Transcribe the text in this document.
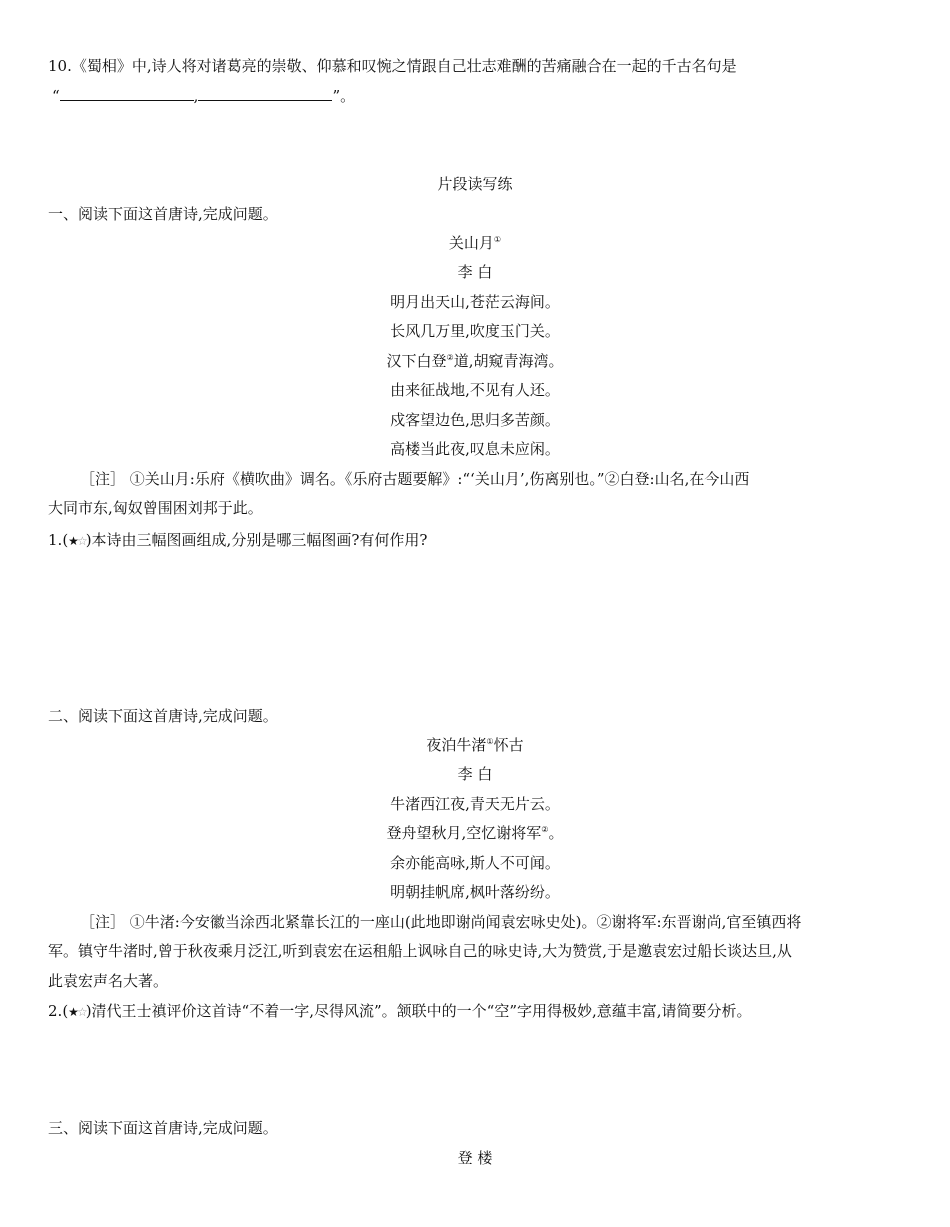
10.《蜀相》中,诗人将对诸葛亮的崇敬、仰慕和叹惋之情跟自己壮志难酬的苦痛融合在一起的千古名句是
“	,	”。
片段读写练
一、阅读下面这首唐诗,完成问题。
关山月①
李 白
明月出天山,苍茫云海间。
长风几万里,吹度玉门关。
汉下白登②道,胡窥青海湾。
由来征战地,不见有人还。
戍客望边色,思归多苦颜。
高楼当此夜,叹息未应闲。
［注］ ①关山月:乐府《横吹曲》调名。《乐府古题要解》:“‘关山月’,伤离别也。”②白登:山名,在今山西
大同市东,匈奴曾围困刘邦于此。
1.(★☆)本诗由三幅图画组成,分别是哪三幅图画?有何作用?
二、阅读下面这首唐诗,完成问题。
夜泊牛渚①怀古
李 白
牛渚西江夜,青天无片云。
登舟望秋月,空忆谢将军②。
余亦能高咏,斯人不可闻。
明朝挂帆席,枫叶落纷纷。
［注］ ①牛渚:今安徽当涂西北紧靠长江的一座山(此地即谢尚闻袁宏咏史处)。②谢将军:东晋谢尚,官至镇西将
军。镇守牛渚时,曾于秋夜乘月泛江,听到袁宏在运租船上讽咏自己的咏史诗,大为赞赏,于是邀袁宏过船长谈达旦,从
此袁宏声名大著。
2.(★☆)清代王士禛评价这首诗“不着一字,尽得风流”。颔联中的一个“空”字用得极妙,意蕴丰富,请简要分析。
三、阅读下面这首唐诗,完成问题。
登 楼
